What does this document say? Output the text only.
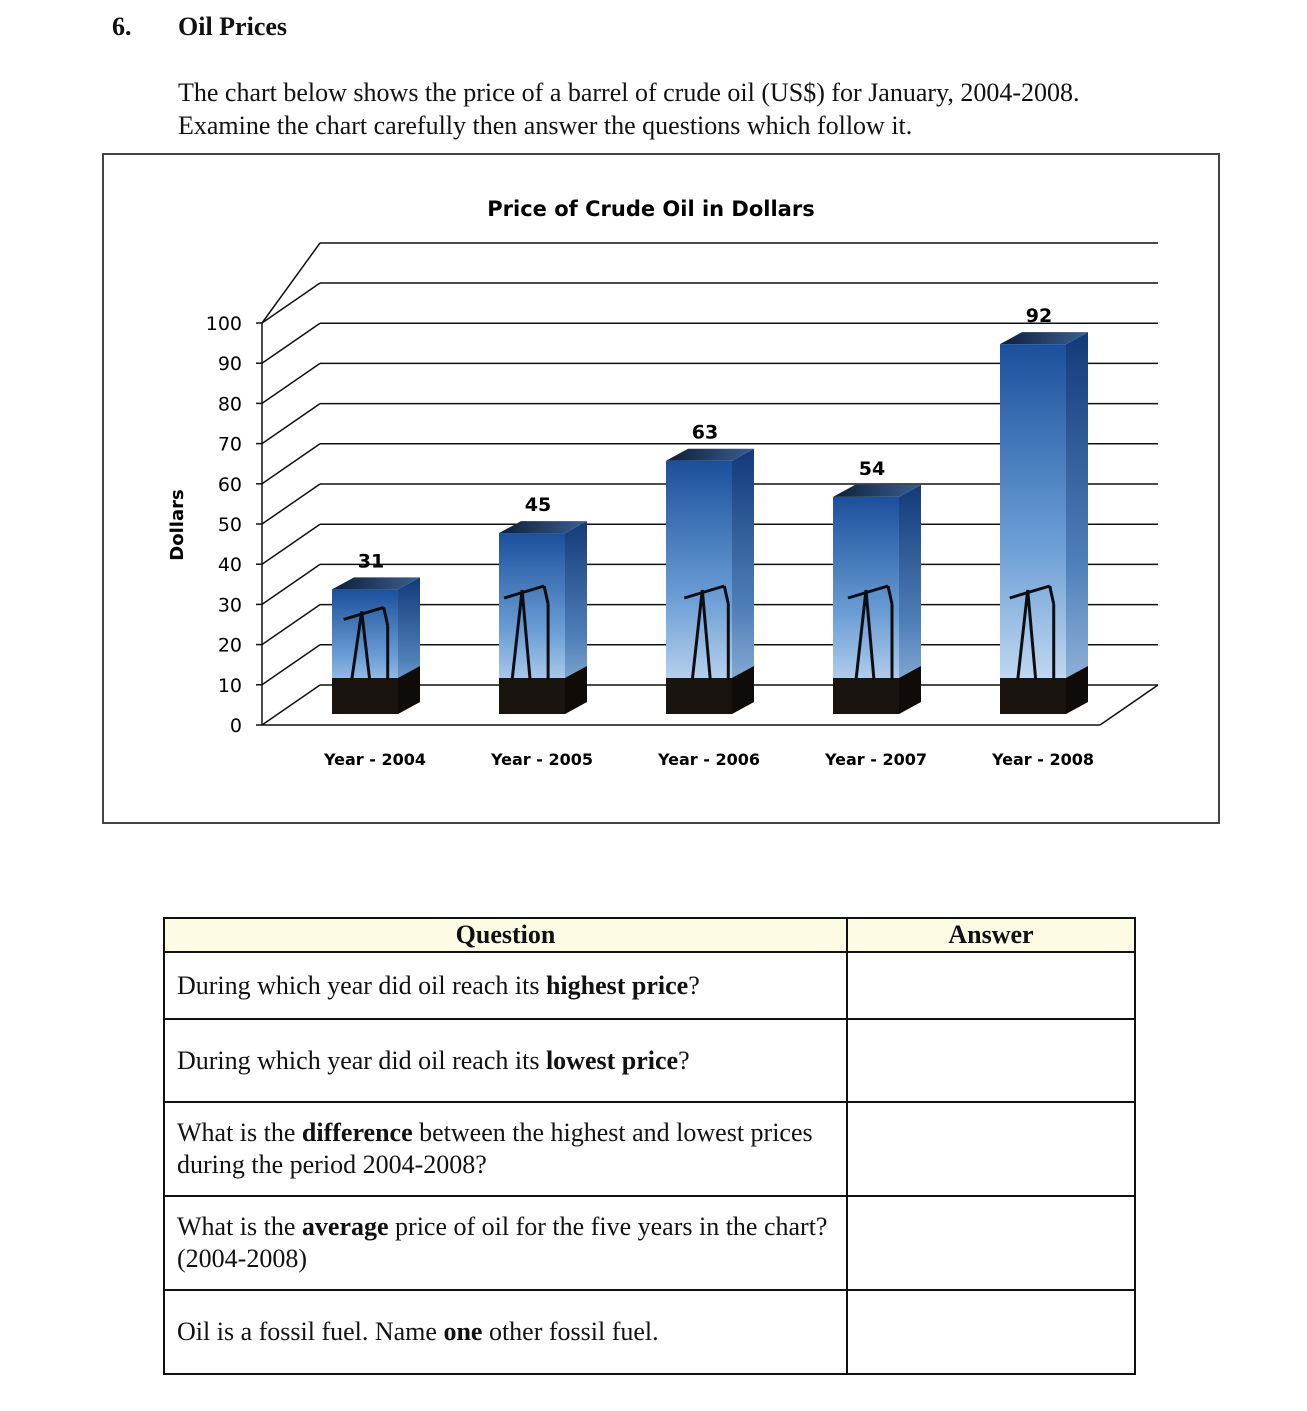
6. Oil Prices
The chart below shows the price of a barrel of crude oil (US$) for January, 2004-2008.
Examine the chart carefully then answer the questions which follow it.
Price of Crude Oil in Dollars
Dollars
0
10
20
30
40
50
60
70
80
90
100
31
45
63
54
92
Year - 2004	Year - 2005	Year - 2006	Year - 2007	Year - 2008
Question	Answer
During which year did oil reach its highest price?	
During which year did oil reach its lowest price?	
What is the difference between the highest and lowest prices during the period 2004-2008?	
What is the average price of oil for the five years in the chart? (2004-2008)	
Oil is a fossil fuel. Name one other fossil fuel.	
